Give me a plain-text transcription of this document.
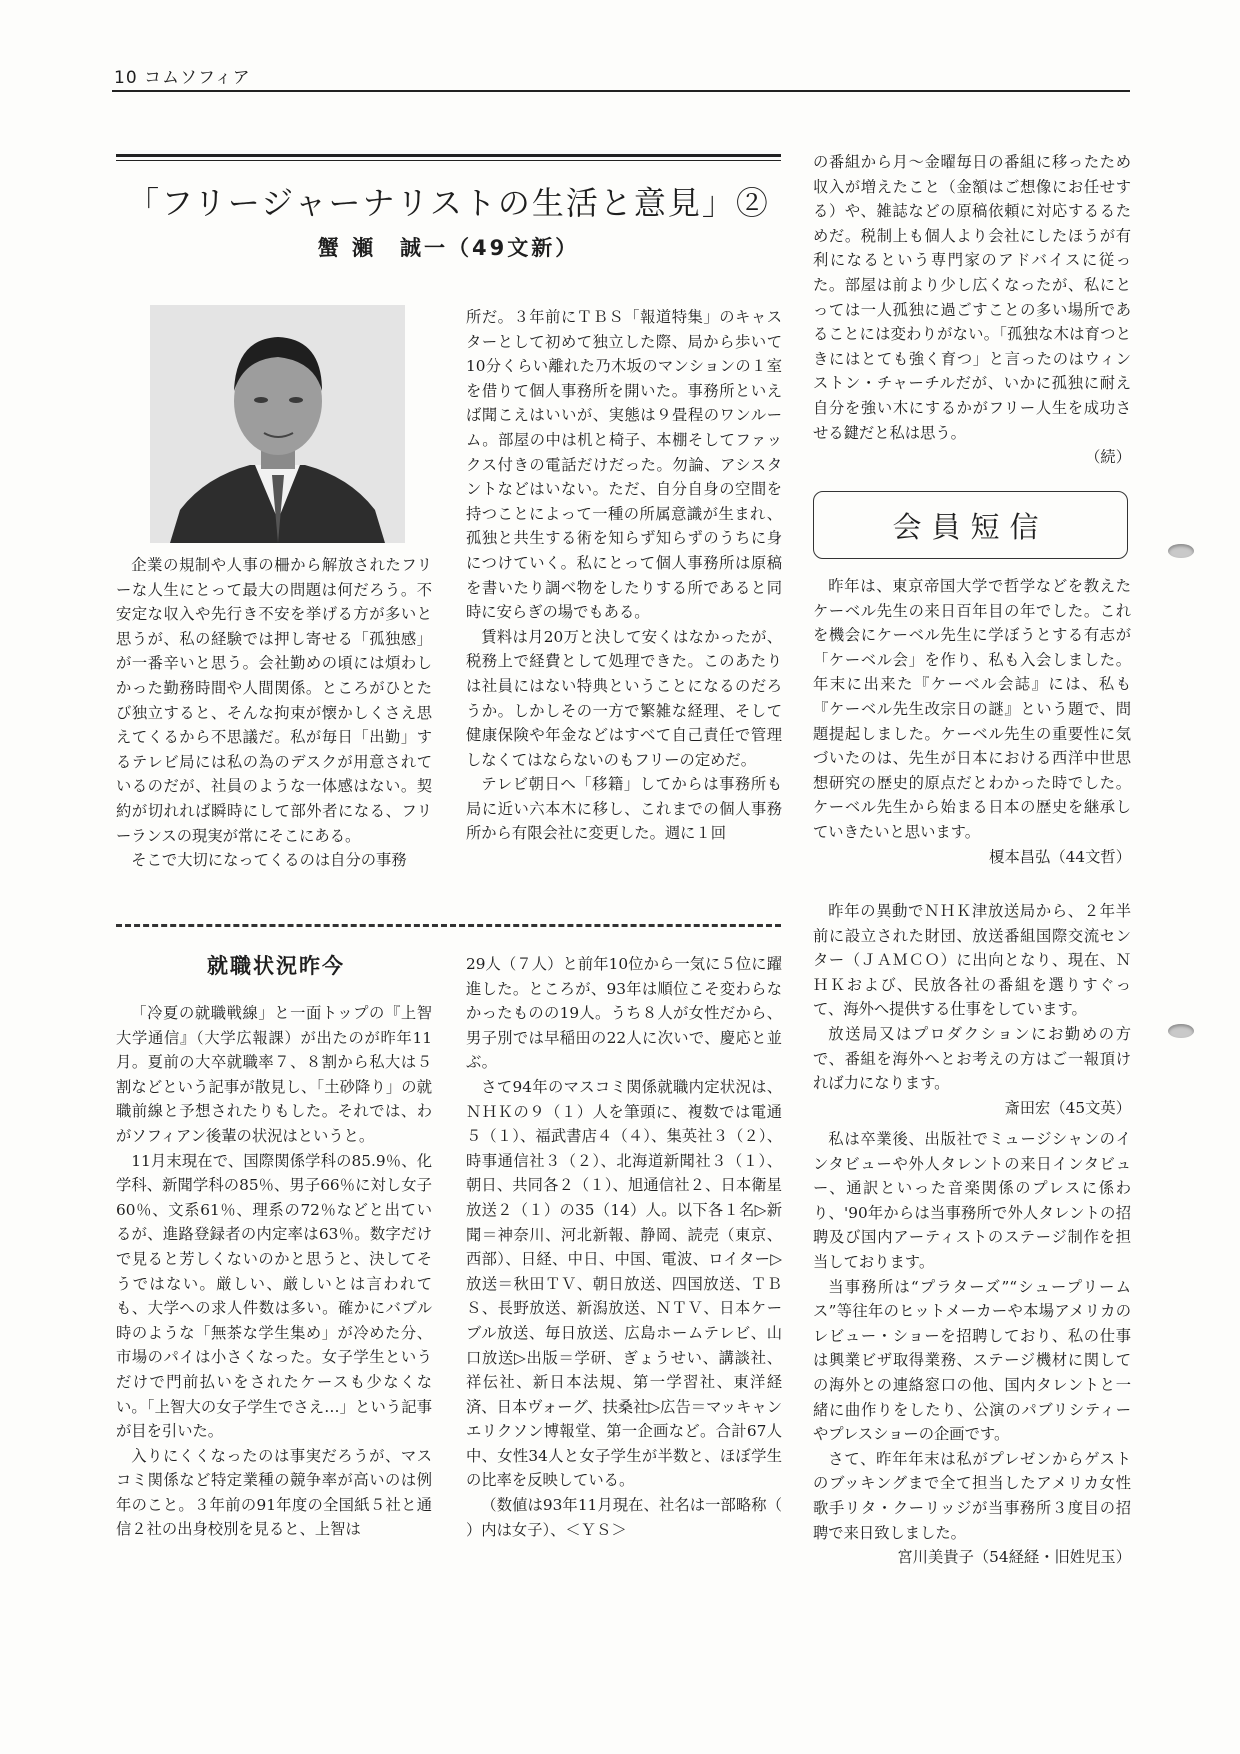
10 コムソフィア
「フリージャーナリストの生活と意見」②
蟹 瀬　誠一（49文新）

企業の規制や人事の柵から解放されたフリーな人生にとって最大の問題は何だろう。不安定な収入や先行き不安を挙げる方が多いと思うが、私の経験では押し寄せる「孤独感」が一番辛いと思う。会社勤めの頃には煩わしかった勤務時間や人間関係。ところがひとたび独立すると、そんな拘束が懐かしくさえ思えてくるから不思議だ。私が毎日「出勤」するテレビ局には私の為のデスクが用意されているのだが、社員のような一体感はない。契約が切れれば瞬時にして部外者になる、フリーランスの現実が常にそこにある。

そこで大切になってくるのは自分の事務

所だ。３年前にＴＢＳ「報道特集」のキャスターとして初めて独立した際、局から歩いて10分くらい離れた乃木坂のマンションの１室を借りて個人事務所を開いた。事務所といえば聞こえはいいが、実態は９畳程のワンルーム。部屋の中は机と椅子、本棚そしてファックス付きの電話だけだった。勿論、アシスタントなどはいない。ただ、自分自身の空間を持つことによって一種の所属意識が生まれ、孤独と共生する術を知らず知らずのうちに身につけていく。私にとって個人事務所は原稿を書いたり調べ物をしたりする所であると同時に安らぎの場でもある。

賃料は月20万と決して安くはなかったが、税務上で経費として処理できた。このあたりは社員にはない特典ということになるのだろうか。しかしその一方で繁雑な経理、そして健康保険や年金などはすべて自己責任で管理しなくてはならないのもフリーの定めだ。

テレビ朝日へ「移籍」してからは事務所も局に近い六本木に移し、これまでの個人事務所から有限会社に変更した。週に１回

の番組から月～金曜毎日の番組に移ったため収入が増えたこと（金額はご想像にお任せする）や、雑誌などの原稿依頼に対応するるためだ。税制上も個人より会社にしたほうが有利になるという専門家のアドバイスに従った。部屋は前より少し広くなったが、私にとっては一人孤独に過ごすことの多い場所であることには変わりがない。「孤独な木は育つときにはとても強く育つ」と言ったのはウィンストン・チャーチルだが、いかに孤独に耐え自分を強い木にするかがフリー人生を成功させる鍵だと私は思う。

（続）

会員短信

昨年は、東京帝国大学で哲学などを教えたケーベル先生の来日百年目の年でした。これを機会にケーベル先生に学ぼうとする有志が「ケーベル会」を作り、私も入会しました。年末に出来た『ケーベル会誌』には、私も『ケーベル先生改宗日の謎』という題で、問題提起しました。ケーベル先生の重要性に気づいたのは、先生が日本における西洋中世思想研究の歴史的原点だとわかった時でした。ケーベル先生から始まる日本の歴史を継承していきたいと思います。

榎本昌弘（44文哲）

昨年の異動でＮＨＫ津放送局から、２年半前に設立された財団、放送番組国際交流センター（ＪＡＭＣＯ）に出向となり、現在、ＮＨＫおよび、民放各社の番組を選りすぐって、海外へ提供する仕事をしています。

放送局又はプロダクションにお勤めの方で、番組を海外へとお考えの方はご一報頂ければ力になります。

斎田宏（45文英）

私は卒業後、出版社でミュージシャンのインタビューや外人タレントの来日インタビュー、通訳といった音楽関係のプレスに係わり、'90年からは当事務所で外人タレントの招聘及び国内アーティストのステージ制作を担当しております。

当事務所は“プラターズ”“シュープリームス”等往年のヒットメーカーや本場アメリカのレビュー・ショーを招聘しており、私の仕事は興業ビザ取得業務、ステージ機材に関しての海外との連絡窓口の他、国内タレントと一緒に曲作りをしたり、公演のパブリシティーやプレスショーの企画です。

さて、昨年年末は私がプレゼンからゲストのブッキングまで全て担当したアメリカ女性歌手リタ・クーリッジが当事務所３度目の招聘で来日致しました。

宮川美貴子（54経経・旧姓児玉）

就職状況昨今

「冷夏の就職戦線」と一面トップの『上智大学通信』（大学広報課）が出たのが昨年11月。夏前の大卒就職率７、８割から私大は５割などという記事が散見し、「土砂降り」の就職前線と予想されたりもした。それでは、わがソフィアン後輩の状況はというと。

11月末現在で、国際関係学科の85.9％、化学科、新聞学科の85％、男子66％に対し女子60％、文系61％、理系の72％などと出ているが、進路登録者の内定率は63％。数字だけで見ると芳しくないのかと思うと、決してそうではない。厳しい、厳しいとは言われても、大学への求人件数は多い。確かにバブル時のような「無茶な学生集め」が冷めた分、市場のパイは小さくなった。女子学生というだけで門前払いをされたケースも少なくない。「上智大の女子学生でさえ…」という記事が目を引いた。

入りにくくなったのは事実だろうが、マスコミ関係など特定業種の競争率が高いのは例年のこと。３年前の91年度の全国紙５社と通信２社の出身校別を見ると、上智は

29人（７人）と前年10位から一気に５位に躍進した。ところが、93年は順位こそ変わらなかったものの19人。うち８人が女性だから、男子別では早稲田の22人に次いで、慶応と並ぶ。

さて94年のマスコミ関係就職内定状況は、ＮＨＫの９（１）人を筆頭に、複数では電通５（１）、福武書店４（４）、集英社３（２）、時事通信社３（２）、北海道新聞社３（１）、朝日、共同各２（１）、旭通信社２、日本衛星放送２（１）の35（14）人。以下各１名▷新聞＝神奈川、河北新報、静岡、読売（東京、西部）、日経、中日、中国、電波、ロイター▷放送＝秋田ＴＶ、朝日放送、四国放送、ＴＢＳ、長野放送、新潟放送、ＮＴＶ、日本ケーブル放送、毎日放送、広島ホームテレビ、山口放送▷出版＝学研、ぎょうせい、講談社、祥伝社、新日本法規、第一学習社、東洋経済、日本ヴォーグ、扶桑社▷広告＝マッキャンエリクソン博報堂、第一企画など。合計67人中、女性34人と女子学生が半数と、ほぼ学生の比率を反映している。

（数値は93年11月現在、社名は一部略称（ ）内は女子）、＜ＹＳ＞
